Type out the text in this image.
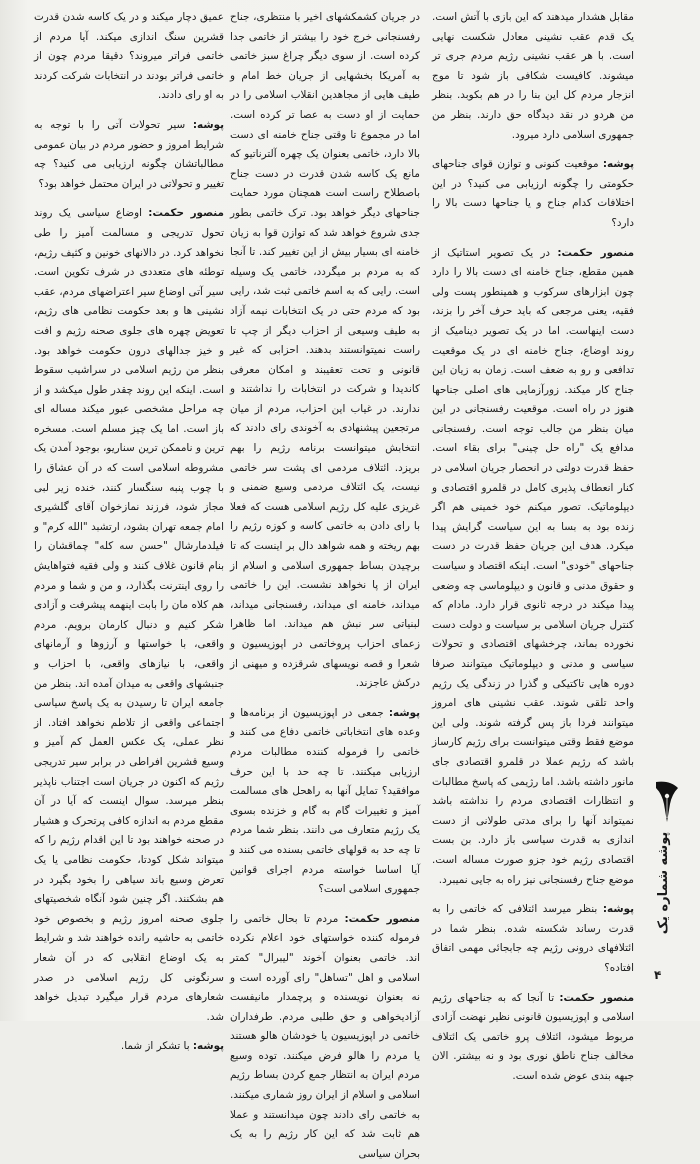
مقابل هشدار میدهند که این بازی با آتش است. یک قدم عقب نشینی معادل شکست نهایی است. با هر عقب نشینی رژیم مردم جری تر میشوند. کافیست شکافی باز شود تا موج انزجار مردم کل این بنا را در هم بکوبد. بنظر من هردو در نقد دیدگاه حق دارند. بنظر من جمهوری اسلامی دارد میرود.

پوشه: موقعیت کنونی و توازن قوای جناحهای حکومتی را چگونه ارزیابی می کنید؟ در این اختلافات کدام جناح و یا جناحها دست بالا را دارد؟

منصور حکمت: در یک تصویر استاتیک از همین مقطع، جناح خامنه ای دست بالا را دارد چون ابزارهای سرکوب و همینطور پست ولی فقیه، یعنی مرجعی که باید حرف آخر را بزند، دست اینهاست. اما در یک تصویر دینامیک از روند اوضاع، جناح خامنه ای در یک موقعیت تدافعی و رو به ضعف است. زمان به زیان این جناح کار میکند. زورآزمایی های اصلی جناحها هنوز در راه است. موقعیت رفسنجانی در این میان بنظر من جالب توجه است. رفسنجانی مدافع یک "راه حل چینی" برای بقاء است. حفظ قدرت دولتی در انحصار جریان اسلامی در کنار انعطاف پذیری کامل در قلمرو اقتصادی و دیپلوماتیک. تصور میکنم خود خمینی هم اگر زنده بود به بسا به این سیاست گرایش پیدا میکرد. هدف این جریان حفظ قدرت در دست جناحهای "خودی" است. اینکه اقتصاد و سیاست و حقوق مدنی و قانون و دیپلوماسی چه وضعی پیدا میکند در درجه ثانوی قرار دارد. مادام که کنترل جریان اسلامی بر سیاست و دولت دست نخورده بماند، چرخشهای اقتصادی و تحولات سیاسی و مدنی و دیپلوماتیک میتوانند صرفا دوره هایی تاکتیکی و گذرا در زندگی یک رژیم واحد تلقی شوند. عقب نشینی های امروز میتوانند فردا باز پس گرفته شوند. ولی این موضع فقط وقتی میتوانست برای رژیم کارساز باشد که رژیم عملا در قلمرو اقتصادی جای مانور داشته باشد. اما رژیمی که پاسخ مطالبات و انتظارات اقتصادی مردم را نداشته باشد نمیتواند آنها را برای مدتی طولانی از دست اندازی به قدرت سیاسی باز دارد. بن بست اقتصادی رژیم خود جزو صورت مساله است. موضع جناح رفسنجانی نیز راه به جایی نمیبرد.

پوشه: بنظر میرسد ائتلافی که خاتمی را به قدرت رساند شکسته شده. بنظر شما در ائتلافهای درونی رژیم چه جابجائی مهمی اتفاق افتاده؟

منصور حکمت: تا آنجا که به جناحهای رژیم اسلامی و اپوزیسیون قانونی نظیر نهضت آزادی مربوط میشود، ائتلاف پرو خاتمی یک ائتلاف مخالف جناح ناطق نوری بود و نه بیشتر. الان جبهه بندی عوض شده است.

در جریان کشمکشهای اخیر با منتظری، جناح رفسنجانی خرج خود را بیشتر از خاتمی جدا کرده است. از سوی دیگر چراغ سبز خاتمی به آمریکا بخشهایی از جریان خط امام و طیف هایی از مجاهدین انقلاب اسلامی را در حمایت از او دست به عصا تر کرده است. اما در مجموع تا وقتی جناح خامنه ای دست بالا دارد، خاتمی بعنوان یک چهره آلترناتیو که مانع یک کاسه شدن قدرت در دست جناح باصطلاح راست است همچنان مورد حمایت جناحهای دیگر خواهد بود. ترک خاتمی بطور جدی شروع خواهد شد که توازن قوا به زیان خامنه ای بسیار بیش از این تغییر کند. تا آنجا که به مردم بر میگردد، خاتمی یک وسیله است. رایی که به اسم خاتمی ثبت شد، رایی بود که مردم حتی در یک انتخابات نیمه آزاد به طیف وسیعی از احزاب دیگر از چپ تا راست نمیتوانستند بدهند. احزابی که غیر قانونی و تحت تعقیبند و امکان معرفی کاندیدا و شرکت در انتخابات را نداشتند و ندارند. در غیاب این احزاب، مردم از میان مرتجعین پیشنهادی به آخوندی رای دادند که انتخابش میتوانست برنامه رژیم را بهم بریزد. ائتلاف مردمی ای پشت سر خاتمی نیست، یک ائتلاف مردمی وسیع ضمنی و غریزی علیه کل رژیم اسلامی هست که فعلا با رای دادن به خاتمی کاسه و کوزه رژیم را بهم ریخته و همه شواهد دال بر اینست که تا برچیدن بساط جمهوری اسلامی و اسلام از ایران از پا نخواهد نشست. این را خاتمی میداند، خامنه ای میداند، رفسنجانی میداند، لبنیاتی سر نبش هم میداند. اما ظاهرا زعمای احزاب پروخاتمی در اپوزیسیون و شعرا و قصه نویسهای شرقزده و میهنی از درکش عاجزند.

پوشه: جمعی در اپوزیسیون از برنامه‌ها و وعده های انتخاباتی خاتمی دفاع می کنند و خاتمی را فرموله کننده مطالبات مردم ارزیابی میکنند. تا چه حد با این حرف موافقید؟ تمایل آنها به راهحل های مسالمت آمیز و تغییرات گام به گام و خزنده بسوی یک رژیم متعارف می دانند. بنظر شما مردم تا چه حد به قولهای خاتمی بسنده می کنند و آیا اساسا خواسته مردم اجرای قوانین جمهوری اسلامی است؟

منصور حکمت: مردم تا بحال خاتمی را فرموله کننده خواستهای خود اعلام نکرده اند. خاتمی بعنوان آخوند "لیبرال" کمتر اسلامی و اهل "تساهل" رای آورده است و نه بعنوان نویسنده و پرچمدار مانیفست آزادیخواهی و حق طلبی مردم. طرفداران خاتمی در اپوزیسیون یا خودشان هالو هستند یا مردم را هالو فرض میکنند. توده وسیع مردم ایران به انتظار جمع کردن بساط رژیم اسلامی و اسلام از ایران روز شماری میکنند. به خاتمی رای دادند چون میدانستند و عملا هم ثابت شد که این کار رژیم را به یک بحران سیاسی

عمیق دچار میکند و در یک کاسه شدن قدرت قشرین سنگ اندازی میکند. آیا مردم از خاتمی فراتر میروند؟ دقیقا مردم چون از خاتمی فراتر بودند در انتخابات شرکت کردند به او رای دادند.

پوشه: سیر تحولات آتی را با توجه به شرایط امروز و حضور مردم در بیان عمومی مطالباتشان چگونه ارزیابی می کنید؟ چه تغییر و تحولاتی در ایران محتمل خواهد بود؟

منصور حکمت: اوضاع سیاسی یک روند تحول تدریجی و مسالمت آمیز را طی نخواهد کرد. در دالانهای خونین و کثیف رژیم، توطئه های متعددی در شرف تکوین است. سیر آتی اوضاع سیر اعتراضهای مردم، عقب نشینی ها و بعد حکومت نظامی های رژیم، تعویض چهره های جلوی صحنه رژیم و افت و خیز جدالهای درون حکومت خواهد بود. بنظر من رژیم اسلامی در سراشیب سقوط است. اینکه این روند چقدر طول میکشد و از چه مراحل مشخصی عبور میکند مساله ای باز است. اما یک چیز مسلم است. مسخره ترین و ناممکن ترین سناریو، بوجود آمدن یک مشروطه اسلامی است که در آن عشاق را با چوب پنبه سنگسار کنند، خنده زیر لبی مجاز شود، فرزند نمازخوان آقای گلشیری امام جمعه تهران بشود، ارتشبد "الله کرم" و فیلدمارشال "حسن سه کله" چماقشان را بنام قانون غلاف کنند و ولی فقیه فتواهایش را روی اینترنت بگذارد، و من و شما و مردم هم کلاه مان را بابت اینهمه پیشرفت و آزادی شکر کنیم و دنبال کارمان برویم. مردم واقعی، با خواستها و آرزوها و آرمانهای واقعی، با نیازهای واقعی، با احزاب و جنبشهای واقعی به میدان آمده اند. بنظر من جامعه ایران تا رسیدن به یک پاسخ سیاسی اجتماعی واقعی از تلاطم نخواهد افتاد. از نظر عملی، یک عکس العمل کم آمیز و وسیع قشرین افراطی در برابر سیر تدریجی رژیم که اکنون در جریان است اجتناب ناپذیر بنظر میرسد. سوال اینست که آیا در آن مقطع مردم به اندازه کافی پرتحرک و هشیار در صحنه خواهند بود تا این اقدام رژیم را که میتواند شکل کودتا، حکومت نظامی یا یک تعرض وسیع باند سیاهی را بخود بگیرد در هم بشکنند. اگر چنین شود آنگاه شخصیتهای جلوی صحنه امروز رژیم و بخصوص خود خاتمی به حاشیه رانده خواهند شد و شرایط به یک اوضاع انقلابی که در آن شعار سرنگونی کل رژیم اسلامی در صدر شعارهای مردم قرار میگیرد تبدیل خواهد شد.

پوشه: با تشکر از شما.

پوشه شماره یک
۴
